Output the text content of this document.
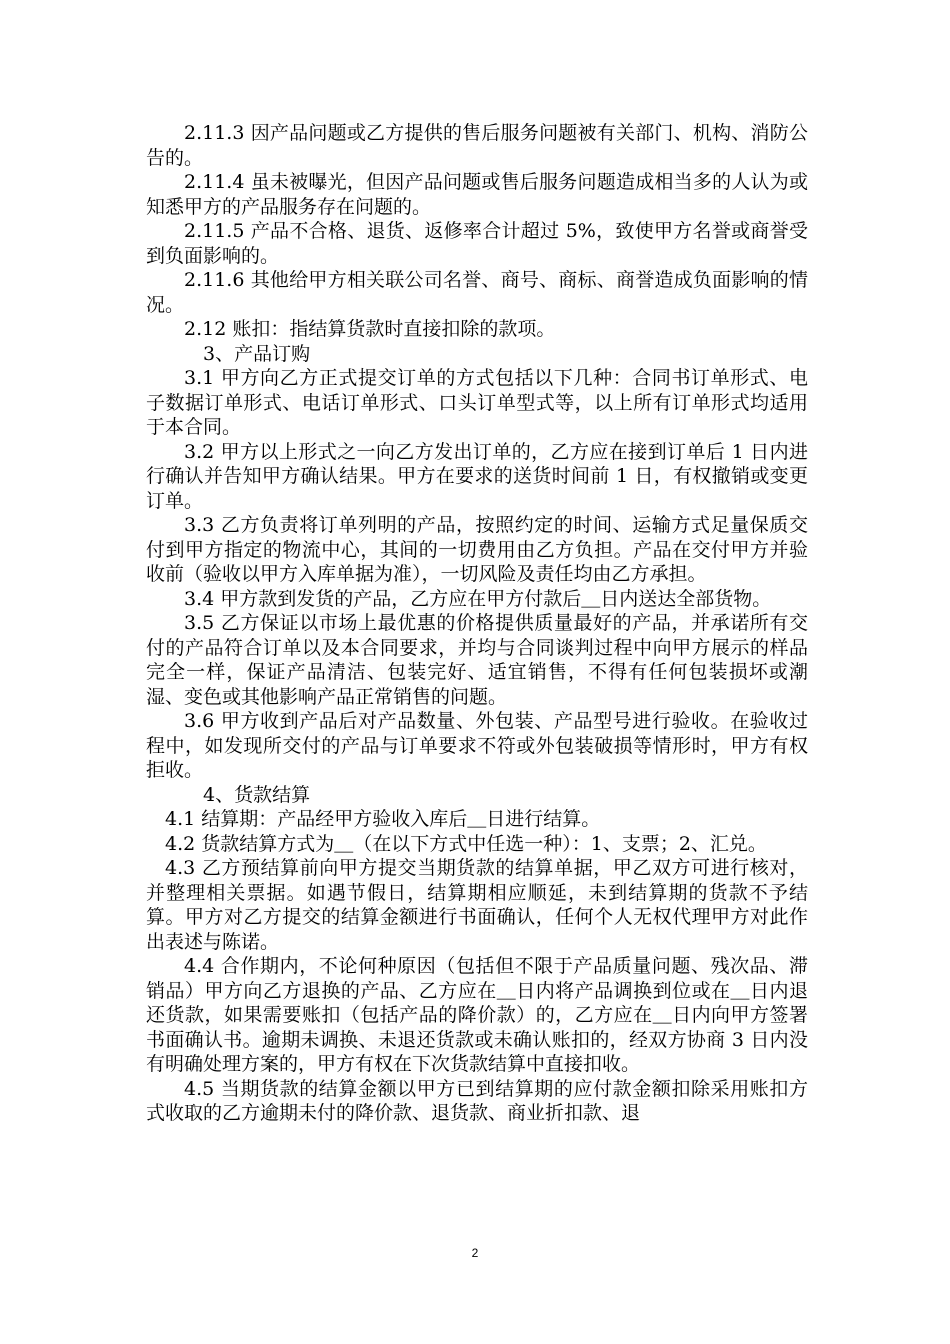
2.11.3 因产品问题或乙方提供的售后服务问题被有关部门、机构、消防公告的。

2.11.4 虽未被曝光，但因产品问题或售后服务问题造成相当多的人认为或知悉甲方的产品服务存在问题的。

2.11.5 产品不合格、退货、返修率合计超过 5%，致使甲方名誉或商誉受到负面影响的。

2.11.6 其他给甲方相关联公司名誉、商号、商标、商誉造成负面影响的情况。

2.12 账扣：指结算货款时直接扣除的款项。

3、产品订购

3.1 甲方向乙方正式提交订单的方式包括以下几种：合同书订单形式、电子数据订单形式、电话订单形式、口头订单型式等，以上所有订单形式均适用于本合同。

3.2 甲方以上形式之一向乙方发出订单的，乙方应在接到订单后 1 日内进行确认并告知甲方确认结果。甲方在要求的送货时间前 1 日，有权撤销或变更订单。

3.3 乙方负责将订单列明的产品，按照约定的时间、运输方式足量保质交付到甲方指定的物流中心，其间的一切费用由乙方负担。产品在交付甲方并验收前（验收以甲方入库单据为准），一切风险及责任均由乙方承担。

3.4 甲方款到发货的产品，乙方应在甲方付款后＿日内送达全部货物。

3.5 乙方保证以市场上最优惠的价格提供质量最好的产品，并承诺所有交付的产品符合订单以及本合同要求，并均与合同谈判过程中向甲方展示的样品完全一样，保证产品清洁、包装完好、适宜销售，不得有任何包装损坏或潮湿、变色或其他影响产品正常销售的问题。

3.6 甲方收到产品后对产品数量、外包装、产品型号进行验收。在验收过程中，如发现所交付的产品与订单要求不符或外包装破损等情形时，甲方有权拒收。

4、货款结算

4.1 结算期：产品经甲方验收入库后＿日进行结算。

4.2 货款结算方式为＿（在以下方式中任选一种）：1、支票；2、汇兑。

4.3 乙方预结算前向甲方提交当期货款的结算单据，甲乙双方可进行核对，并整理相关票据。如遇节假日，结算期相应顺延，未到结算期的货款不予结算。甲方对乙方提交的结算金额进行书面确认，任何个人无权代理甲方对此作出表述与陈诺。

4.4 合作期内，不论何种原因（包括但不限于产品质量问题、残次品、滞销品）甲方向乙方退换的产品、乙方应在＿日内将产品调换到位或在＿日内退还货款，如果需要账扣（包括产品的降价款）的，乙方应在＿日内向甲方签署书面确认书。逾期未调换、未退还货款或未确认账扣的，经双方协商 3 日内没有明确处理方案的，甲方有权在下次货款结算中直接扣收。

4.5 当期货款的结算金额以甲方已到结算期的应付款金额扣除采用账扣方式收取的乙方逾期未付的降价款、退货款、商业折扣款、退

2
